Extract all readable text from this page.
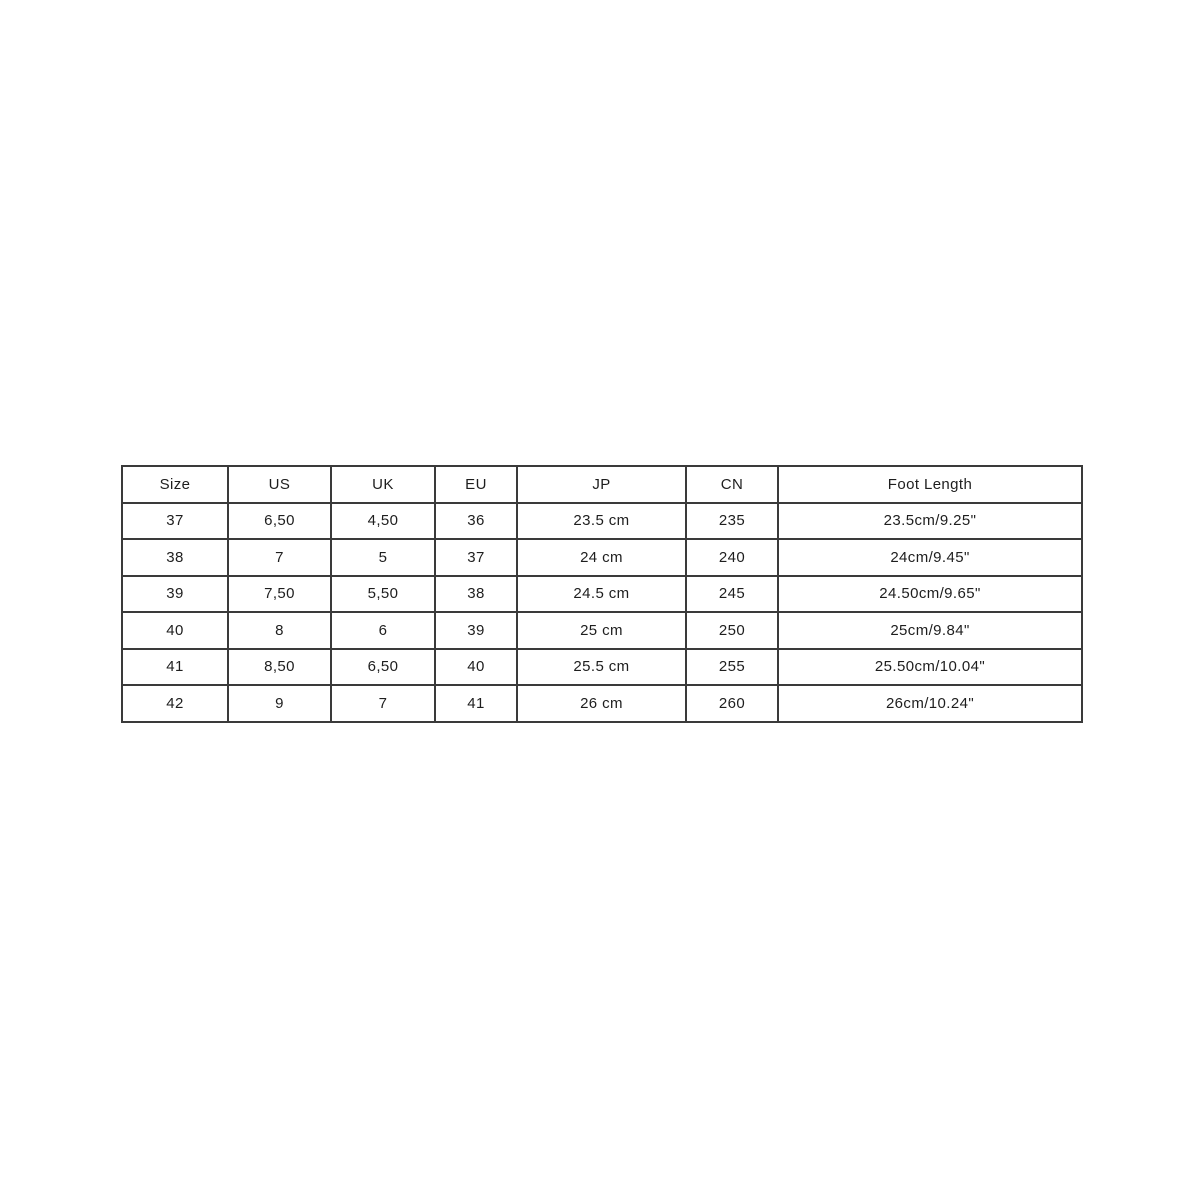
Size	US	UK	EU	JP	CN	Foot Length
37	6,50	4,50	36	23.5 cm	235	23.5cm/9.25"
38	7	5	37	24 cm	240	24cm/9.45"
39	7,50	5,50	38	24.5 cm	245	24.50cm/9.65"
40	8	6	39	25 cm	250	25cm/9.84"
41	8,50	6,50	40	25.5 cm	255	25.50cm/10.04"
42	9	7	41	26 cm	260	26cm/10.24"
